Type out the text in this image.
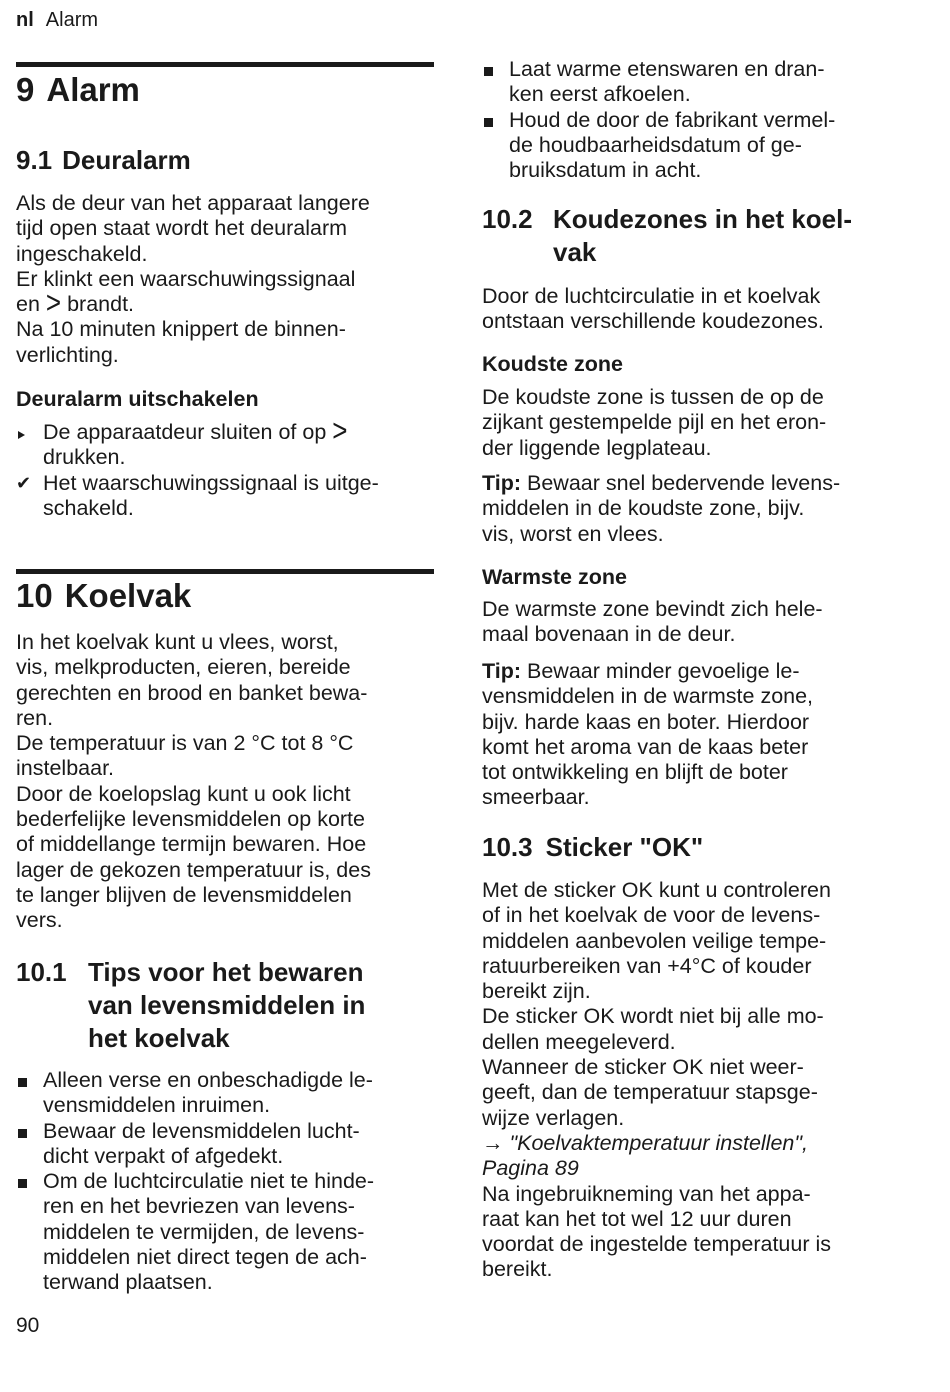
nl Alarm
9 Alarm
9.1 Deuralarm

Als de deur van het apparaat langere

tijd open staat wordt het deuralarm

ingeschakeld.

Er klinkt een waarschuwingssignaal

en > brandt.

Na 10 minuten knippert de binnen-

verlichting.

Deuralarm uitschakelen
De apparaatdeur sluiten of op >
drukken.
✔ Het waarschuwingssignaal is uitge-
schakeld.
10 Koelvak

In het koelvak kunt u vlees, worst,

vis, melkproducten, eieren, bereide

gerechten en brood en banket bewa-

ren.

De temperatuur is van 2 °C tot 8 °C

instelbaar.

Door de koelopslag kunt u ook licht

bederfelijke levensmiddelen op korte

of middellange termijn bewaren. Hoe

lager de gekozen temperatuur is, des

te langer blijven de levensmiddelen

vers.

10.1 Tips voor het bewaren
van levensmiddelen in
het koelvak
Alleen verse en onbeschadigde le-
vensmiddelen inruimen.
Bewaar de levensmiddelen lucht-
dicht verpakt of afgedekt.
Om de luchtcirculatie niet te hinde-
ren en het bevriezen van levens-
middelen te vermijden, de levens-
middelen niet direct tegen de ach-
terwand plaatsen.
Laat warme etenswaren en dran-
ken eerst afkoelen.
Houd de door de fabrikant vermel-
de houdbaarheidsdatum of ge-
bruiksdatum in acht.
10.2 Koudezones in het koel-
vak

Door de luchtcirculatie in et koelvak

ontstaan verschillende koudezones.

Koudste zone

De koudste zone is tussen de op de

zijkant gestempelde pijl en het eron-

der liggende legplateau.

Tip: Bewaar snel bedervende levens-

middelen in de koudste zone, bijv.

vis, worst en vlees.

Warmste zone

De warmste zone bevindt zich hele-

maal bovenaan in de deur.

Tip: Bewaar minder gevoelige le-

vensmiddelen in de warmste zone,

bijv. harde kaas en boter. Hierdoor

komt het aroma van de kaas beter

tot ontwikkeling en blijft de boter

smeerbaar.

10.3 Sticker "OK"

Met de sticker OK kunt u controleren

of in het koelvak de voor de levens-

middelen aanbevolen veilige tempe-

ratuurbereiken van +4°C of kouder

bereikt zijn.

De sticker OK wordt niet bij alle mo-

dellen meegeleverd.

Wanneer de sticker OK niet weer-

geeft, dan de temperatuur stapsge-

wijze verlagen.

→ "Koelvaktemperatuur instellen",

Pagina 89

Na ingebruikneming van het appa-

raat kan het tot wel 12 uur duren

voordat de ingestelde temperatuur is

bereikt.

90
